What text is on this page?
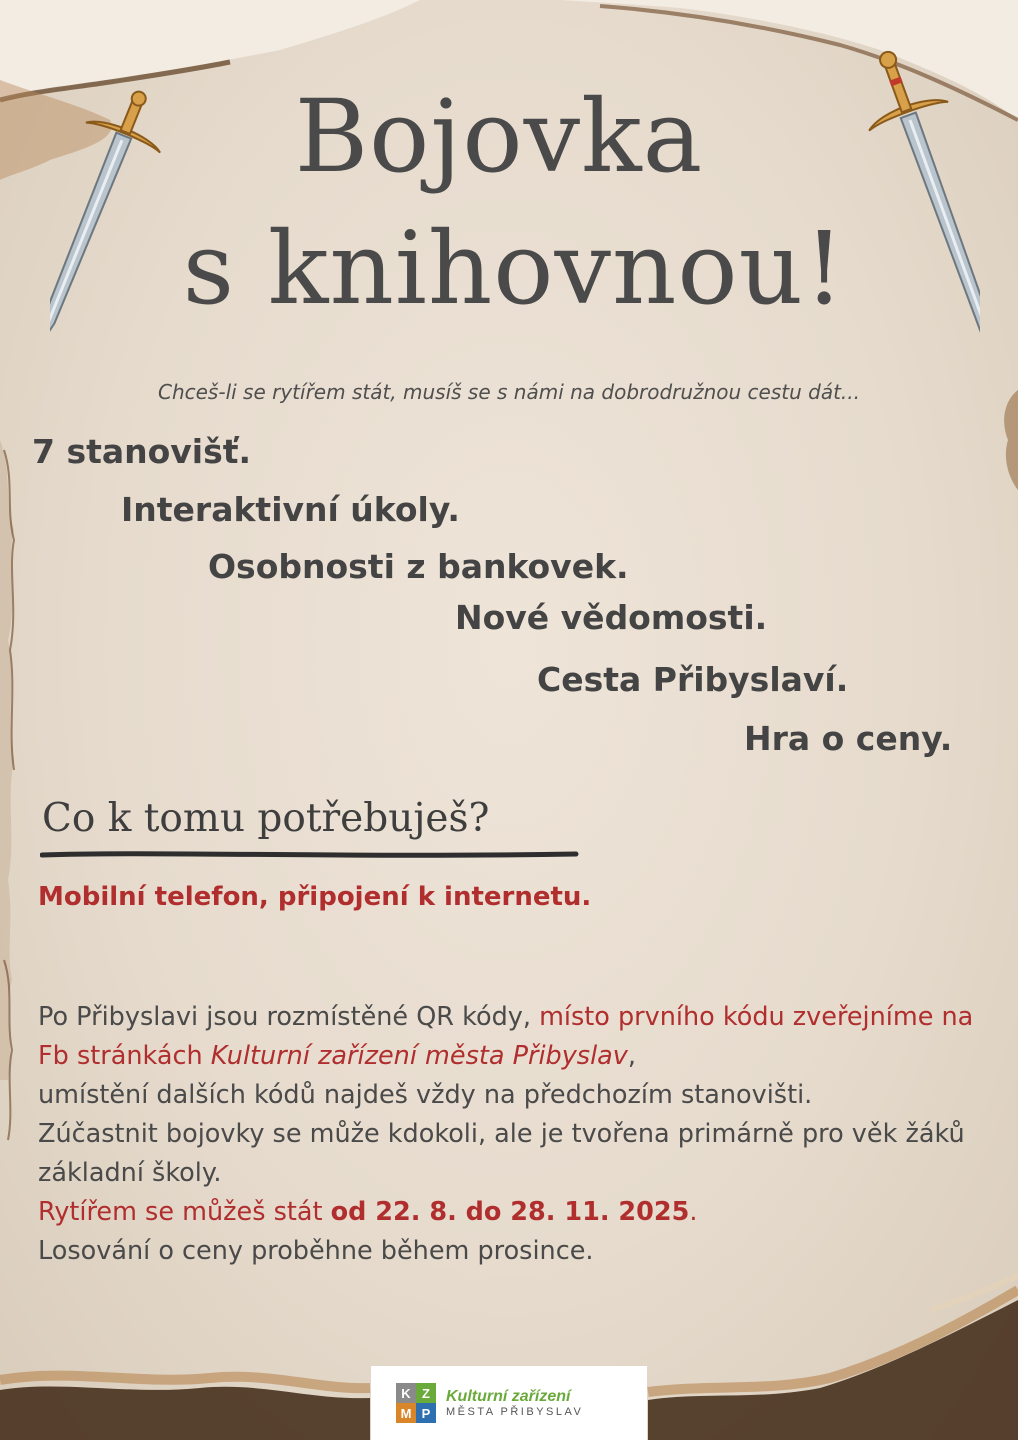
Bojovka
s knihovnou!
Chceš-li se rytířem stát, musíš se s námi na dobrodružnou cestu dát...
7 stanovišť.
Interaktivní úkoly.
Osobnosti z bankovek.
Nové vědomosti.
Cesta Přibyslaví.
Hra o ceny.
Co k tomu potřebuješ?
Mobilní telefon, připojení k internetu.

Po Přibyslavi jsou rozmístěné QR kódy, místo prvního kódu zveřejníme na Fb stránkách Kulturní zařízení města Přibyslav,
umístění dalších kódů najdeš vždy na předchozím stanovišti.
Zúčastnit bojovky se může kdokoli, ale je tvořena primárně pro věk žáků základní školy.
Rytířem se můžeš stát od 22. 8. do 28. 11. 2025.
Losování o ceny proběhne během prosince.

K Z
M P
Kulturní zařízení
MĚSTA PŘIBYSLAV
